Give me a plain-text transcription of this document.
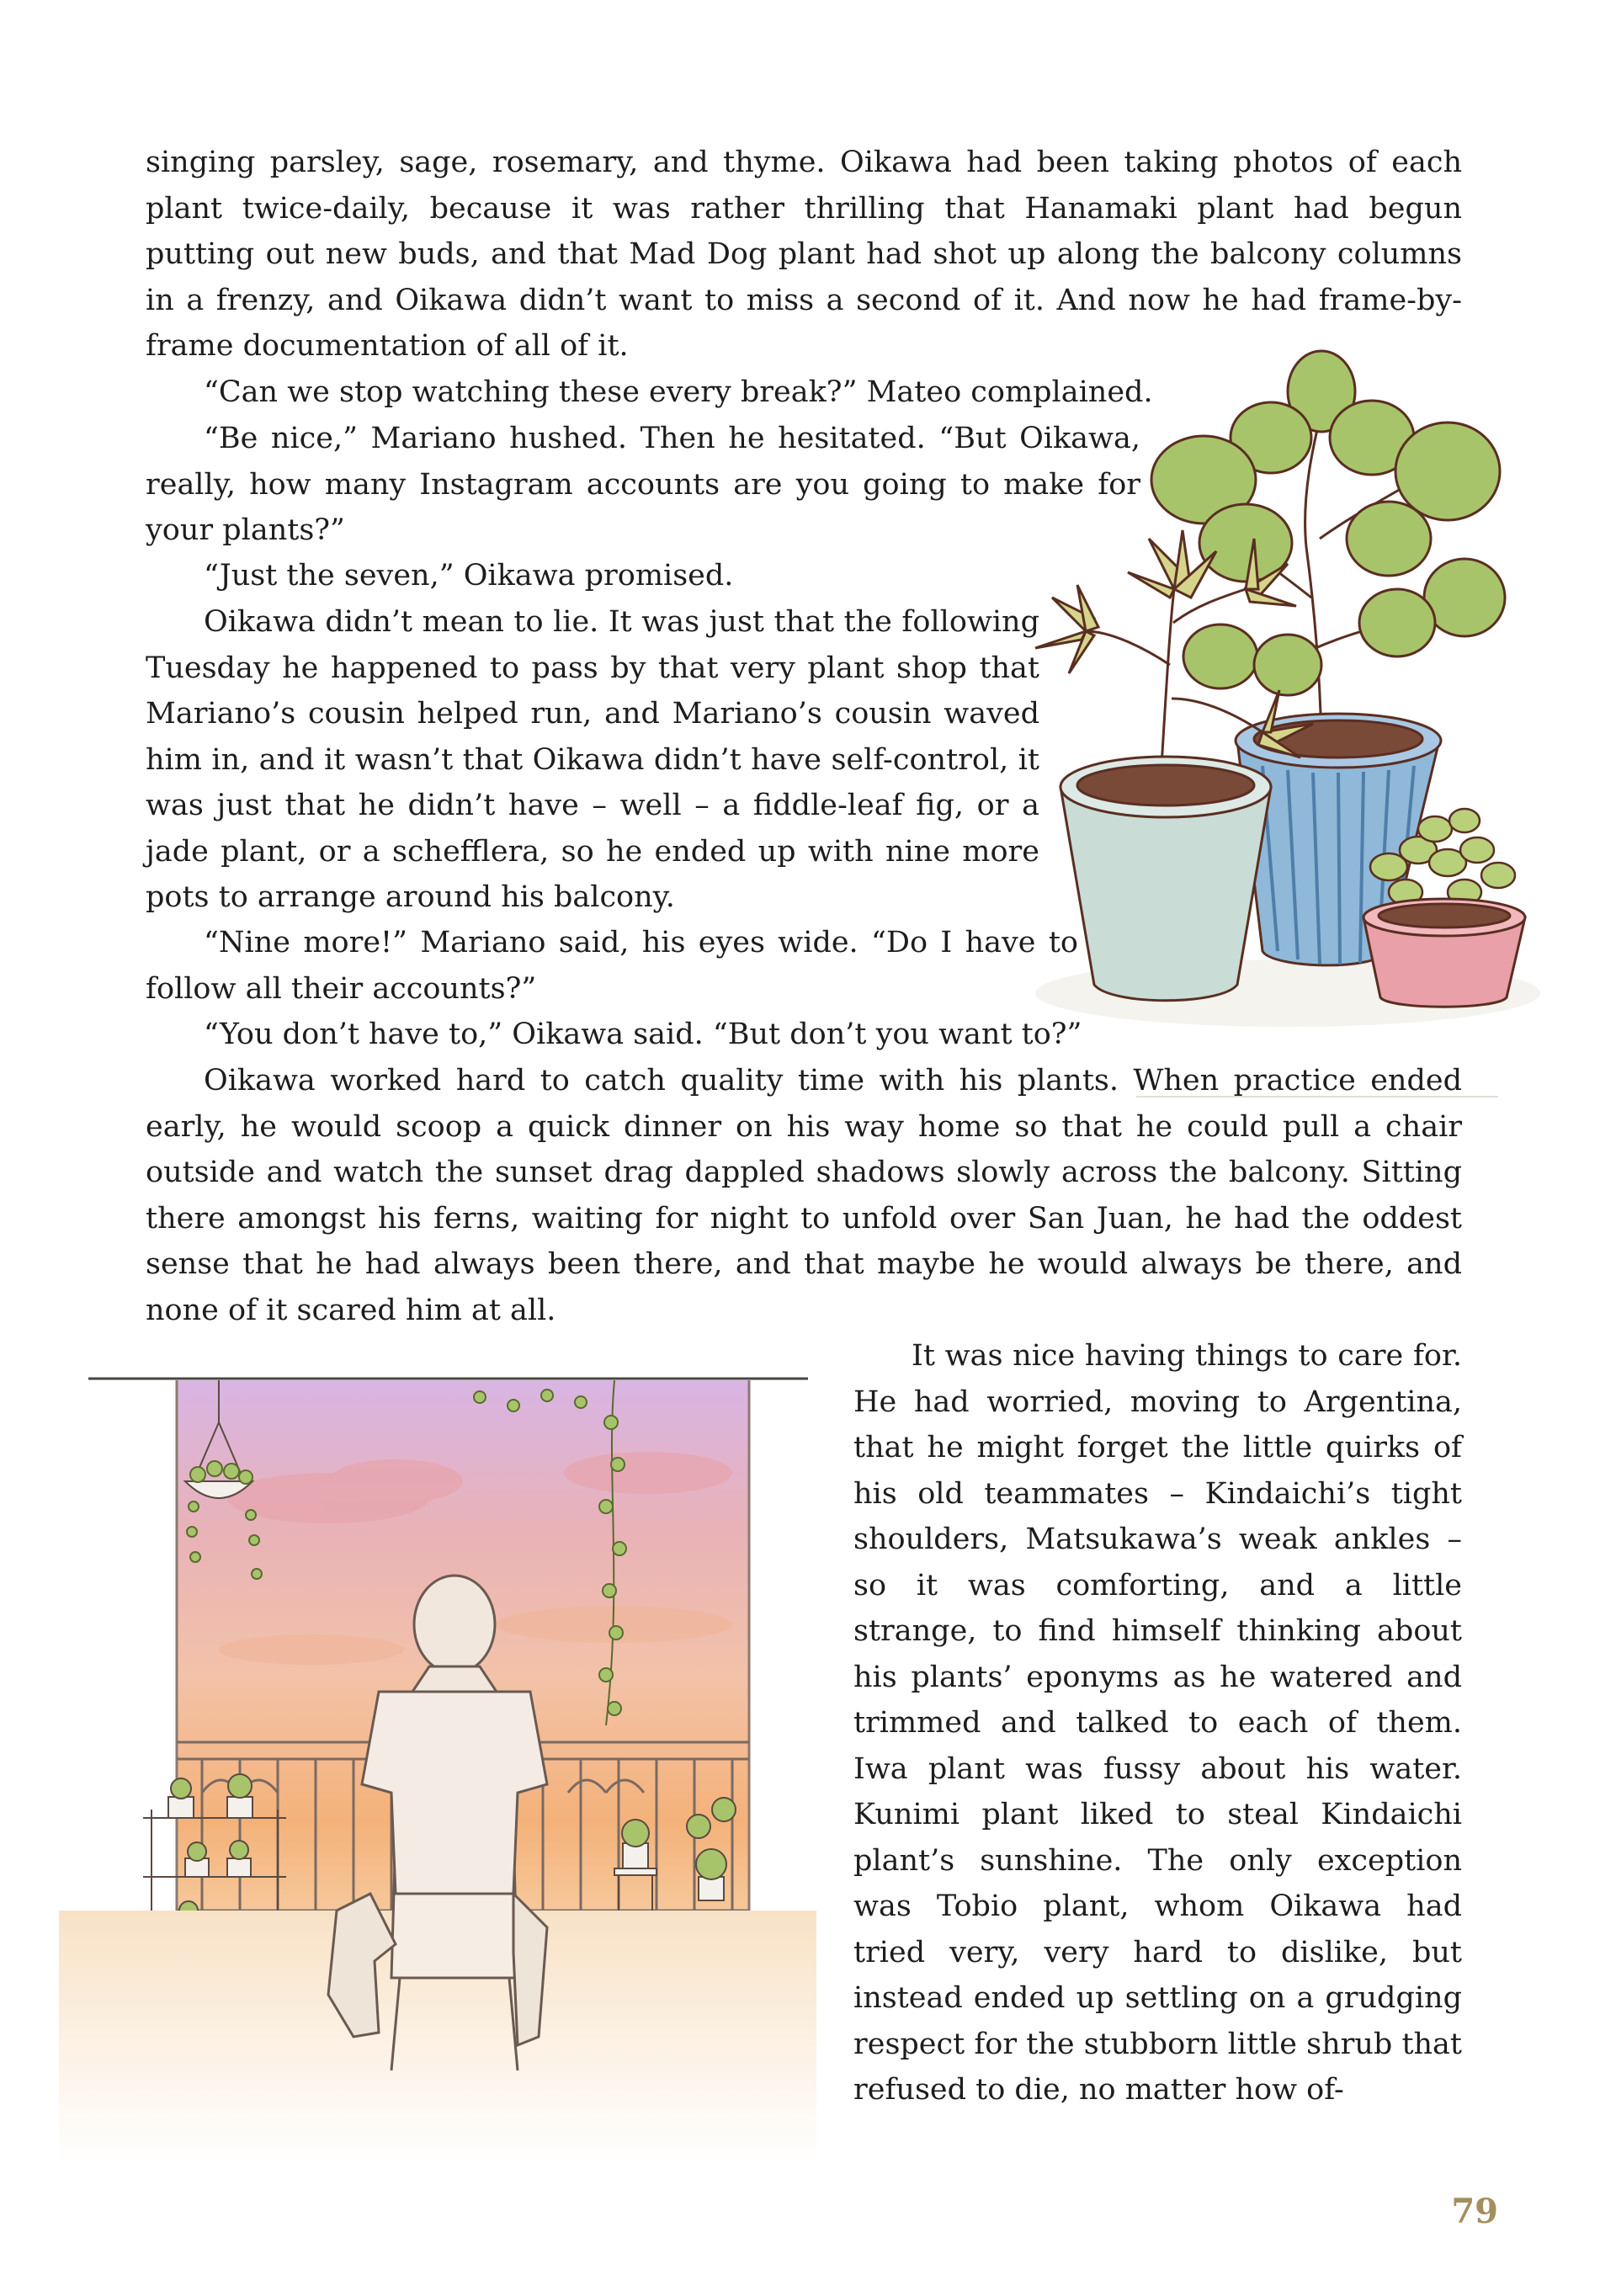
singing parsley, sage, rosemary, and thyme. Oikawa had been taking photos of each plant twice-daily, because it was rather thrilling that Hanamaki plant had begun putting out new buds, and that Mad Dog plant had shot up along the balcony columns in a frenzy, and Oikawa didn’t want to miss a second of it. And now he had frame-by-frame documentation of all of it.

“Can we stop watching these every break?” Mateo complained.

“Be nice,” Mariano hushed. Then he hesitated. “But Oikawa, really, how many Instagram accounts are you going to make for your plants?”

“Just the seven,” Oikawa promised.

Oikawa didn’t mean to lie. It was just that the following Tuesday he happened to pass by that very plant shop that Mariano’s cousin helped run, and Mariano’s cousin waved him in, and it wasn’t that Oikawa didn’t have self-control, it was just that he didn’t have – well – a fiddle-leaf fig, or a jade plant, or a schefflera, so he ended up with nine more pots to arrange around his balcony.

“Nine more!” Mariano said, his eyes wide. “Do I have to follow all their accounts?”

“You don’t have to,” Oikawa said. “But don’t you want to?”

Oikawa worked hard to catch quality time with his plants. When practice ended early, he would scoop a quick dinner on his way home so that he could pull a chair outside and watch the sunset drag dappled shadows slowly across the balcony. Sitting there amongst his ferns, waiting for night to unfold over San Juan, he had the oddest sense that he had always been there, and that maybe he would always be there, and none of it scared him at all.

It was nice having things to care for. He had worried, moving to Argentina, that he might forget the little quirks of his old teammates – Kindaichi’s tight shoulders, Matsukawa’s weak ankles – so it was comforting, and a little strange, to find himself thinking about his plants’ eponyms as he watered and trimmed and talked to each of them. Iwa plant was fussy about his water. Kunimi plant liked to steal Kindaichi plant’s sunshine. The only exception was Tobio plant, whom Oikawa had tried very, very hard to dislike, but instead ended up settling on a grudging respect for the stubborn little shrub that refused to die, no matter how of-

79
